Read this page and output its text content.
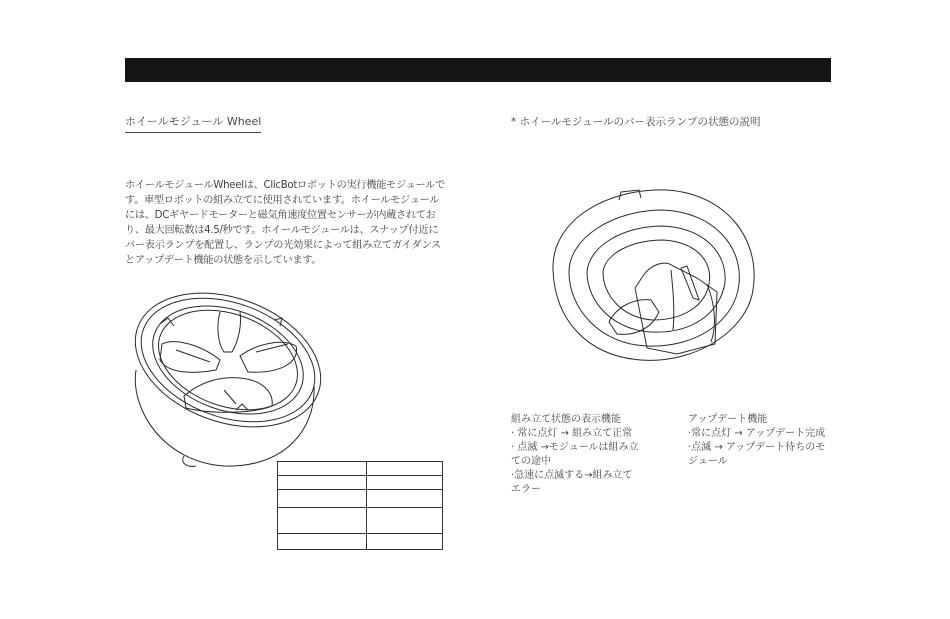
ホイールモジュール Wheel
ホイールモジュールWheelは、ClicBotロボットの実行機能モジュールです。車型ロボットの組み立てに使用されています。ホイールモジュールには、DCギヤードモーターと磁気角速度位置センサーが内蔵されており、最大回転数は4.5/秒です。ホイールモジュールは、スナップ付近にバー表示ランプを配置し、ランプの光効果によって組み立てガイダンスとアップデート機能の状態を示しています。
* ホイールモジュールのバー表示ランプの状態の説明

組み立て状態の表示機能
· 常に点灯 → 組み立て正常
· 点滅 →モジュールは組み立ての途中
·急速に点滅する→組み立てエラー
アップデート機能
·常に点灯 → アップデート完成
·点滅 → アップデート待ちのモジュール
